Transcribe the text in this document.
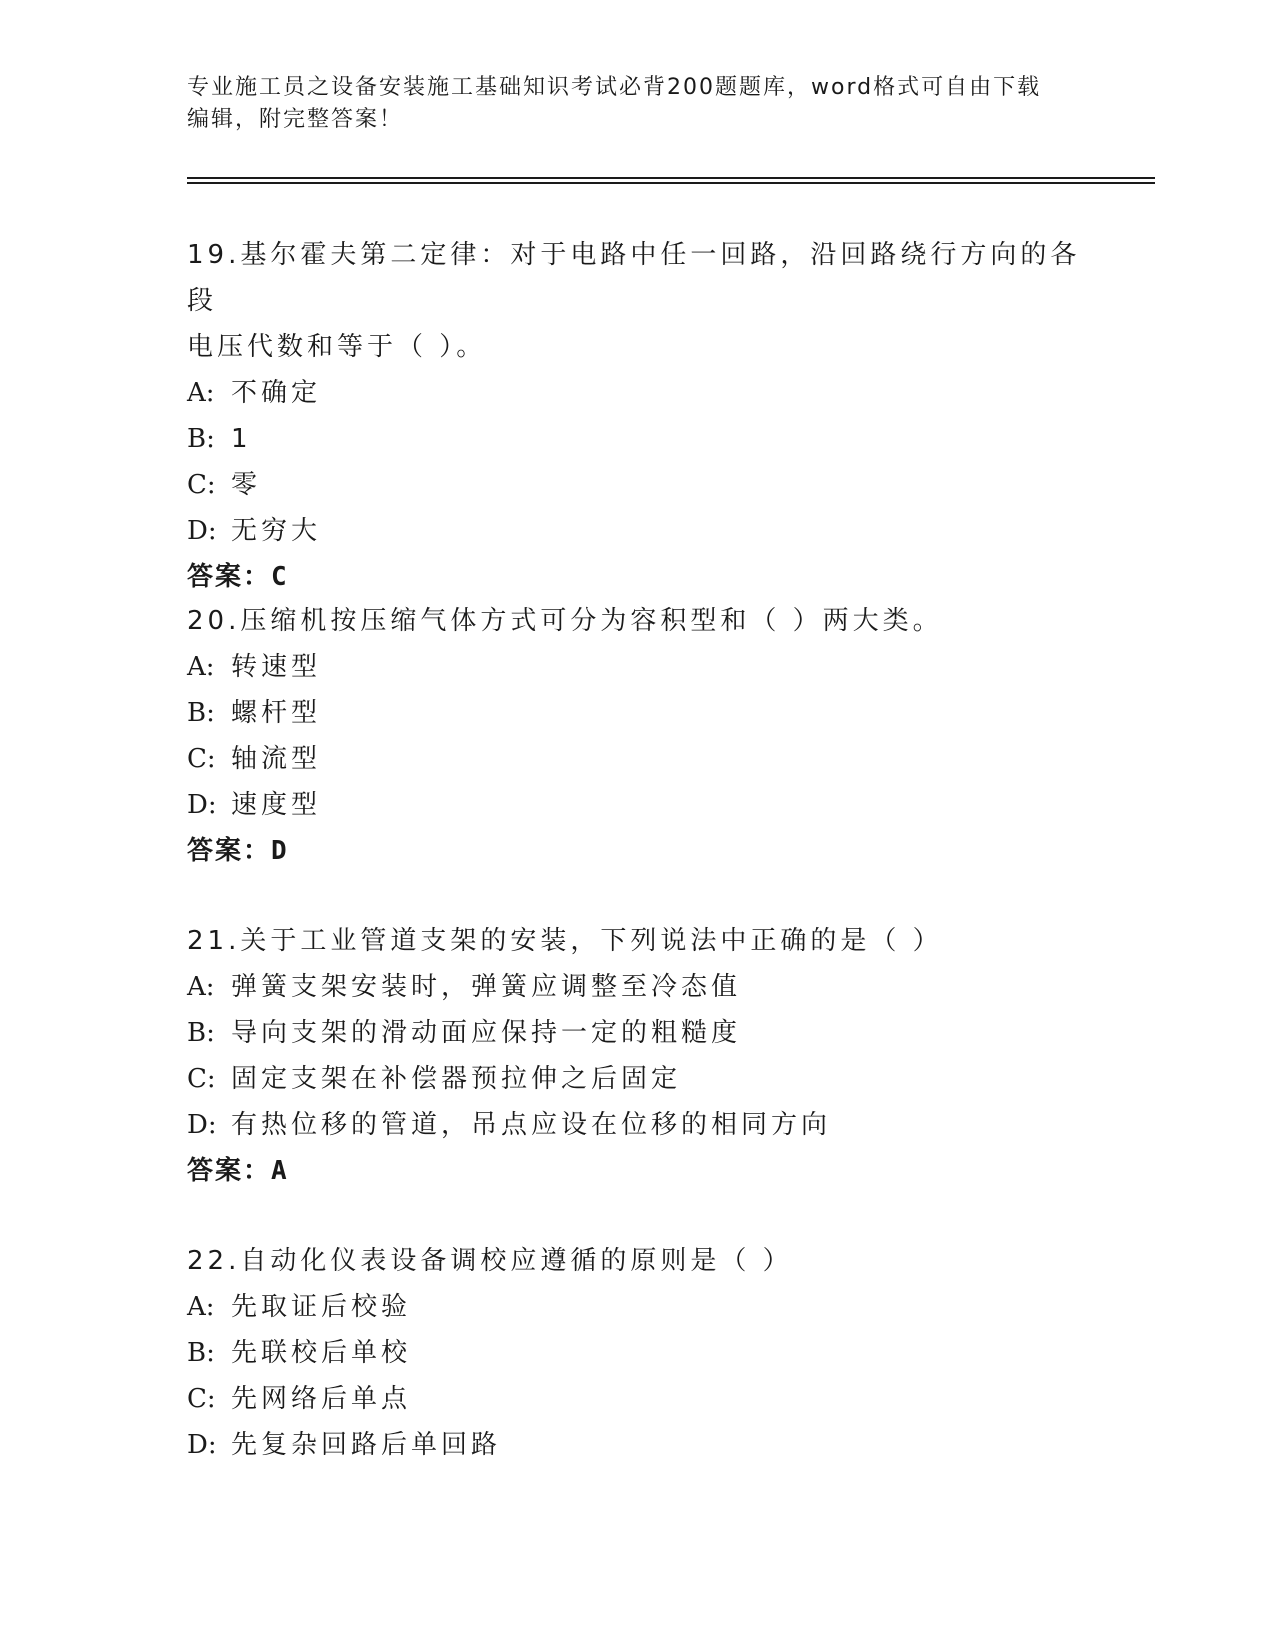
专业施工员之设备安装施工基础知识考试必背200题题库，word格式可自由下载
编辑，附完整答案！
19.基尔霍夫第二定律：对于电路中任一回路，沿回路绕行方向的各段
电压代数和等于（ ）。
A: 不确定
B: 1
C: 零
D: 无穷大
答案：C
20.压缩机按压缩气体方式可分为容积型和（ ）两大类。
A: 转速型
B: 螺杆型
C: 轴流型
D: 速度型
答案：D
21.关于工业管道支架的安装，下列说法中正确的是（ ）
A: 弹簧支架安装时，弹簧应调整至冷态值
B: 导向支架的滑动面应保持一定的粗糙度
C: 固定支架在补偿器预拉伸之后固定
D: 有热位移的管道，吊点应设在位移的相同方向
答案：A
22.自动化仪表设备调校应遵循的原则是（ ）
A: 先取证后校验
B: 先联校后单校
C: 先网络后单点
D: 先复杂回路后单回路
